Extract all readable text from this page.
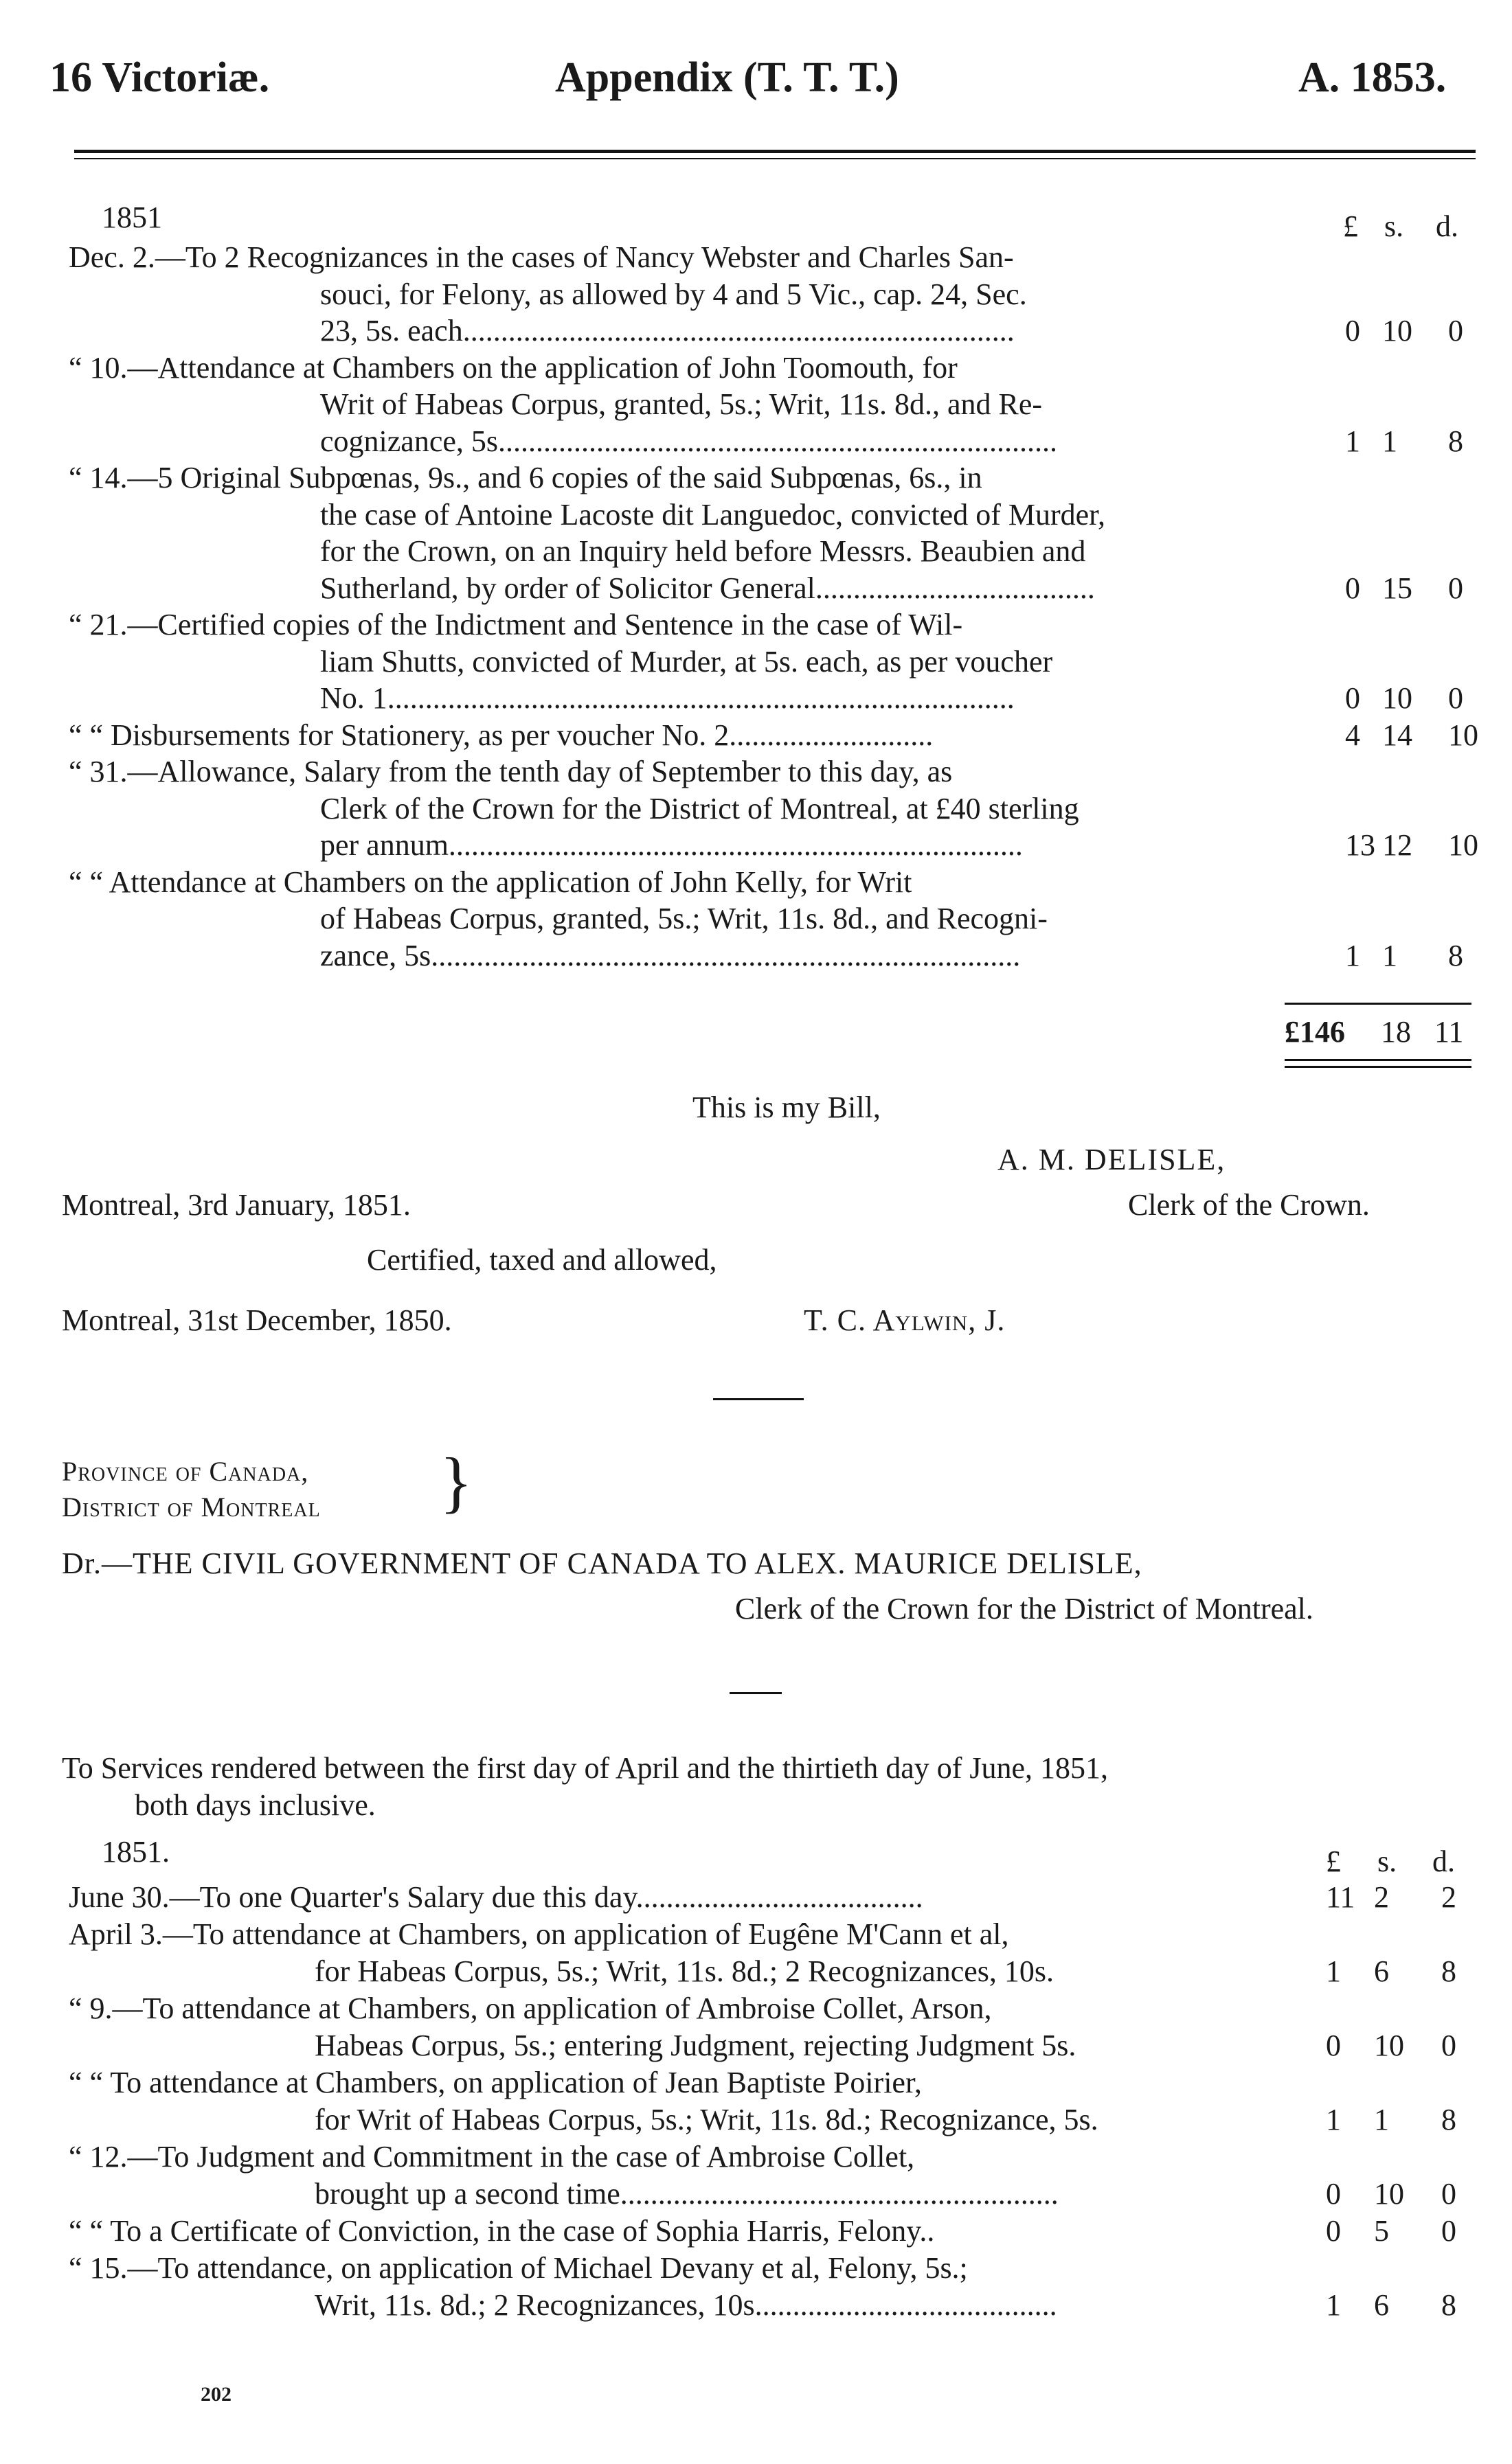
16 Victoriæ.	Appendix (T. T. T.)	A. 1853.
1851	£ s. d.
Dec. 2.—To 2 Recognizances in the cases of Nancy Webster and Charles San-
souci, for Felony, as allowed by 4 and 5 Vic., cap. 24, Sec.
23, 5s. each.........................................................................	0 10 0
“ 10.—Attendance at Chambers on the application of John Toomouth, for
Writ of Habeas Corpus, granted, 5s.; Writ, 11s. 8d., and Re-
cognizance, 5s..........................................................................	1 1 8
“ 14.—5 Original Subpœnas, 9s., and 6 copies of the said Subpœnas, 6s., in
the case of Antoine Lacoste dit Languedoc, convicted of Murder,
for the Crown, on an Inquiry held before Messrs. Beaubien and
Sutherland, by order of Solicitor General.....................................	0 15 0
“ 21.—Certified copies of the Indictment and Sentence in the case of Wil-
liam Shutts, convicted of Murder, at 5s. each, as per voucher
No. 1...................................................................................	0 10 0
“ “ Disbursements for Stationery, as per voucher No. 2...........................	4 14 10
“ 31.—Allowance, Salary from the tenth day of September to this day, as
Clerk of the Crown for the District of Montreal, at £40 sterling
per annum............................................................................	13 12 10
“ “ Attendance at Chambers on the application of John Kelly, for Writ
of Habeas Corpus, granted, 5s.; Writ, 11s. 8d., and Recogni-
zance, 5s..............................................................................	1 1 8
£146 18 11
This is my Bill,
A. M. DELISLE,
Montreal, 3rd January, 1851.	Clerk of the Crown.
Certified, taxed and allowed,
Montreal, 31st December, 1850.	T. C. Aylwin, J.
Province of Canada,
District of Montreal }
Dr.—THE CIVIL GOVERNMENT OF CANADA TO ALEX. MAURICE DELISLE,
Clerk of the Crown for the District of Montreal.
To Services rendered between the first day of April and the thirtieth day of June, 1851,
both days inclusive.
1851.	£ s. d.
June 30.—To one Quarter's Salary due this day......................................	11 2 2
April 3.—To attendance at Chambers, on application of Eugêne M'Cann et al,
for Habeas Corpus, 5s.; Writ, 11s. 8d.; 2 Recognizances, 10s.	1 6 8
“ 9.—To attendance at Chambers, on application of Ambroise Collet, Arson,
Habeas Corpus, 5s.; entering Judgment, rejecting Judgment 5s.	0 10 0
“ “ To attendance at Chambers, on application of Jean Baptiste Poirier,
for Writ of Habeas Corpus, 5s.; Writ, 11s. 8d.; Recognizance, 5s.	1 1 8
“ 12.—To Judgment and Commitment in the case of Ambroise Collet,
brought up a second time..........................................................	0 10 0
“ “ To a Certificate of Conviction, in the case of Sophia Harris, Felony..	0 5 0
“ 15.—To attendance, on application of Michael Devany et al, Felony, 5s.;
Writ, 11s. 8d.; 2 Recognizances, 10s........................................	1 6 8
202
